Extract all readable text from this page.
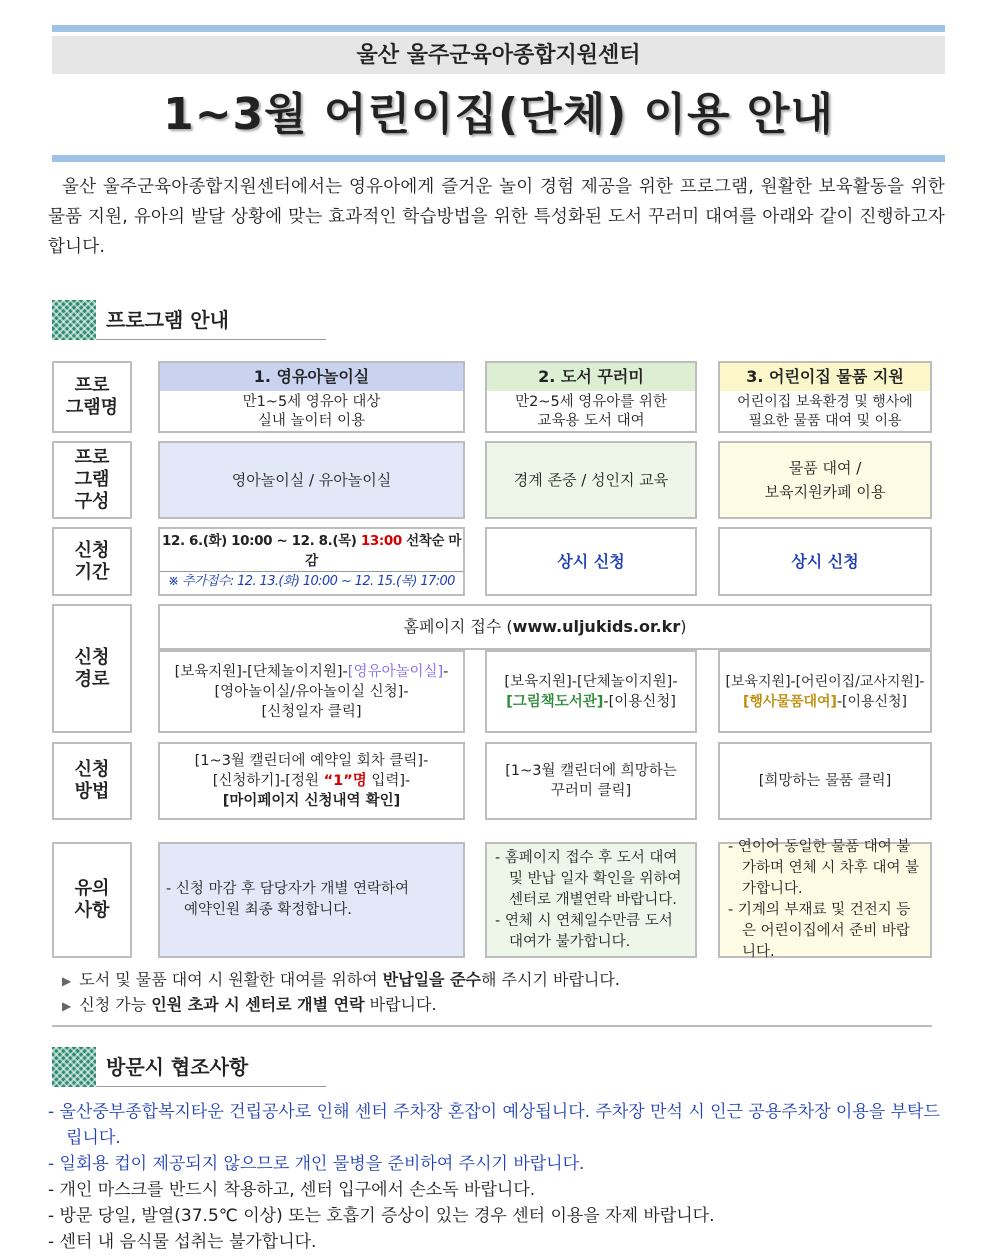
울산 울주군육아종합지원센터
1~3월 어린이집(단체) 이용 안내
울산 울주군육아종합지원센터에서는 영유아에게 즐거운 놀이 경험 제공을 위한 프로그램, 원활한 보육활동을 위한 물품 지원, 유아의 발달 상황에 맞는 효과적인 학습방법을 위한 특성화된 도서 꾸러미 대여를 아래와 같이 진행하고자 합니다.
프로그램 안내
프로
그램명
프로
그램
구성
신청
기간
신청
경로
신청
방법
유의
사항
1. 영유아놀이실
만1~5세 영유아 대상
실내 놀이터 이용
2. 도서 꾸러미
만2~5세 영유아를 위한
교육용 도서 대여
3. 어린이집 물품 지원
어린이집 보육환경 및 행사에
필요한 물품 대여 및 이용
영아놀이실 / 유아놀이실	경계 존중 / 성인지 교육
물품 대여 /
보육지원카페 이용
12. 6.(화) 10:00 ~ 12. 8.(목) 13:00 선착순 마감
※ 추가접수: 12. 13.(화) 10:00 ~ 12. 15.(목) 17:00
상시 신청	상시 신청
홈페이지 접수 ( www.uljukids.or.kr )
[보육지원]-[단체놀이지원]-[영유아놀이실]-
[영아놀이실/유아놀이실 신청]-
[신청일자 클릭]
[보육지원]-[단체놀이지원]-
[그림책도서관]-[이용신청]
[보육지원]-[어린이집/교사지원]-
[행사물품대여]-[이용신청]
[1~3월 캘린더에 예약일 회차 클릭]-
[신청하기]-[정원 “1”명 입력]-
[마이페이지 신청내역 확인]
[1~3월 캘린더에 희망하는
꾸러미 클릭]
[희망하는 물품 클릭]
- 신청 마감 후 담당자가 개별 연락하여
예약인원 최종 확정합니다.
- 홈페이지 접수 후 도서 대여 및 반납 일자 확인을 위하여 센터로 개별연락 바랍니다.
- 연체 시 연체일수만큼 도서 대여가 불가합니다.
- 연이어 동일한 물품 대여 불가하며 연체 시 차후 대여 불가합니다.
- 기계의 부재료 및 건전지 등은 어린이집에서 준비 바랍니다.
▶ 도서 및 물품 대여 시 원활한 대여를 위하여 반납일을 준수해 주시기 바랍니다.
▶ 신청 가능 인원 초과 시 센터로 개별 연락 바랍니다.
방문시 협조사항
- 울산중부종합복지타운 건립공사로 인해 센터 주차장 혼잡이 예상됩니다. 주차장 만석 시 인근 공용주차장 이용을 부탁드립니다.
- 일회용 컵이 제공되지 않으므로 개인 물병을 준비하여 주시기 바랍니다.
- 개인 마스크를 반드시 착용하고, 센터 입구에서 손소독 바랍니다.
- 방문 당일, 발열(37.5℃ 이상) 또는 호흡기 증상이 있는 경우 센터 이용을 자제 바랍니다.
- 센터 내 음식물 섭취는 불가합니다.
